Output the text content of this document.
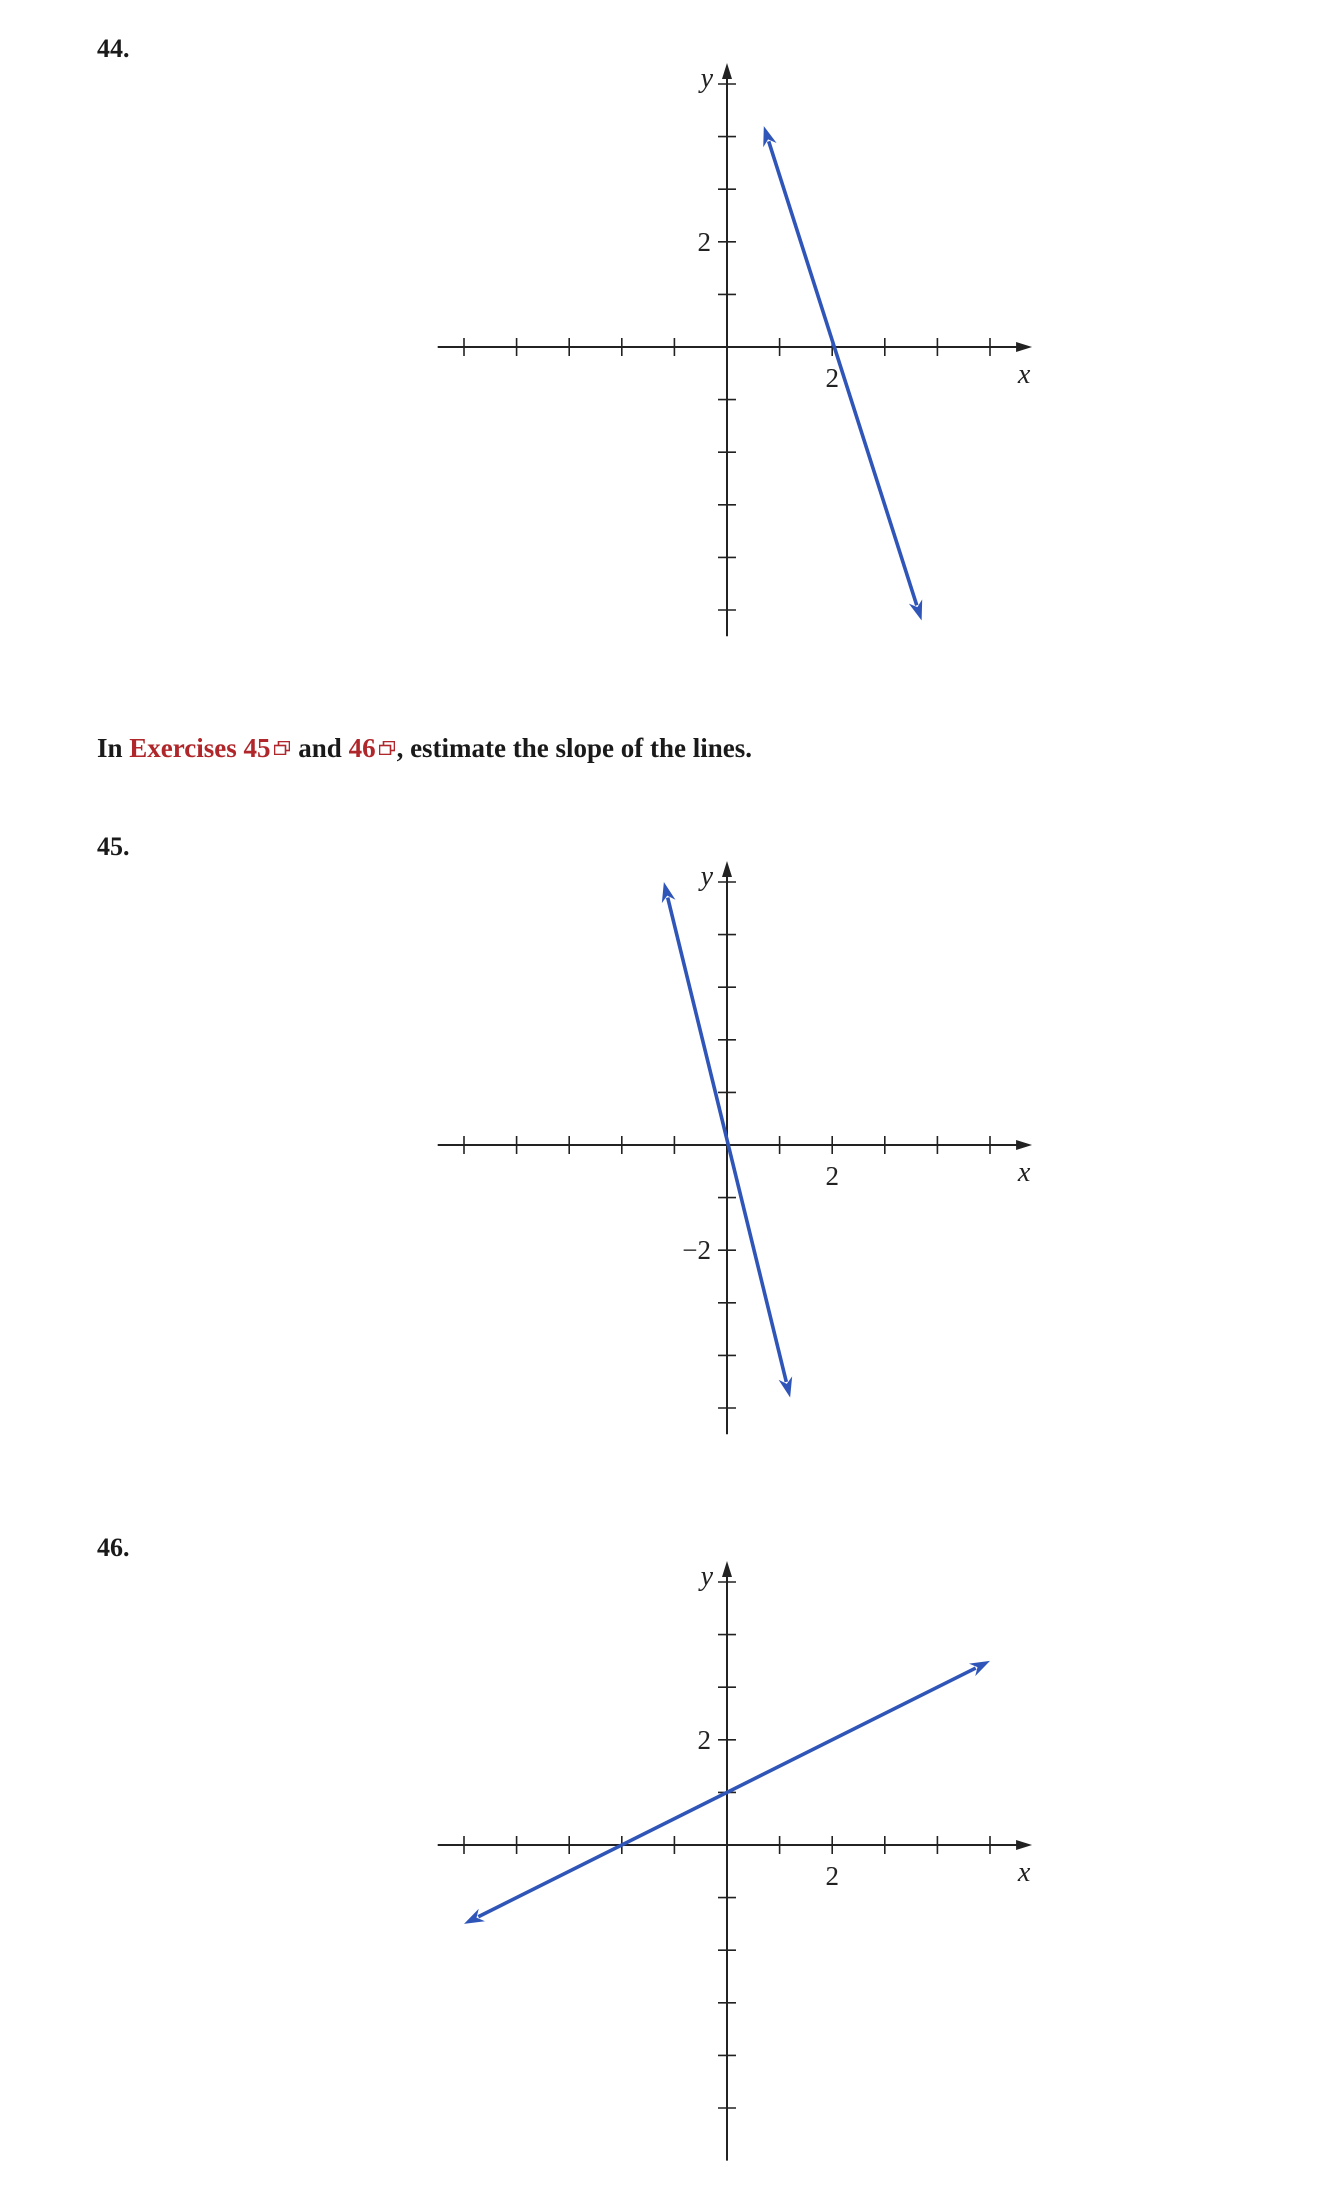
44.

2
2
x
y

In Exercises 45 and 46 , estimate the slope of the lines.

45.

2
−2
x
y

46.

2
2
x
y
